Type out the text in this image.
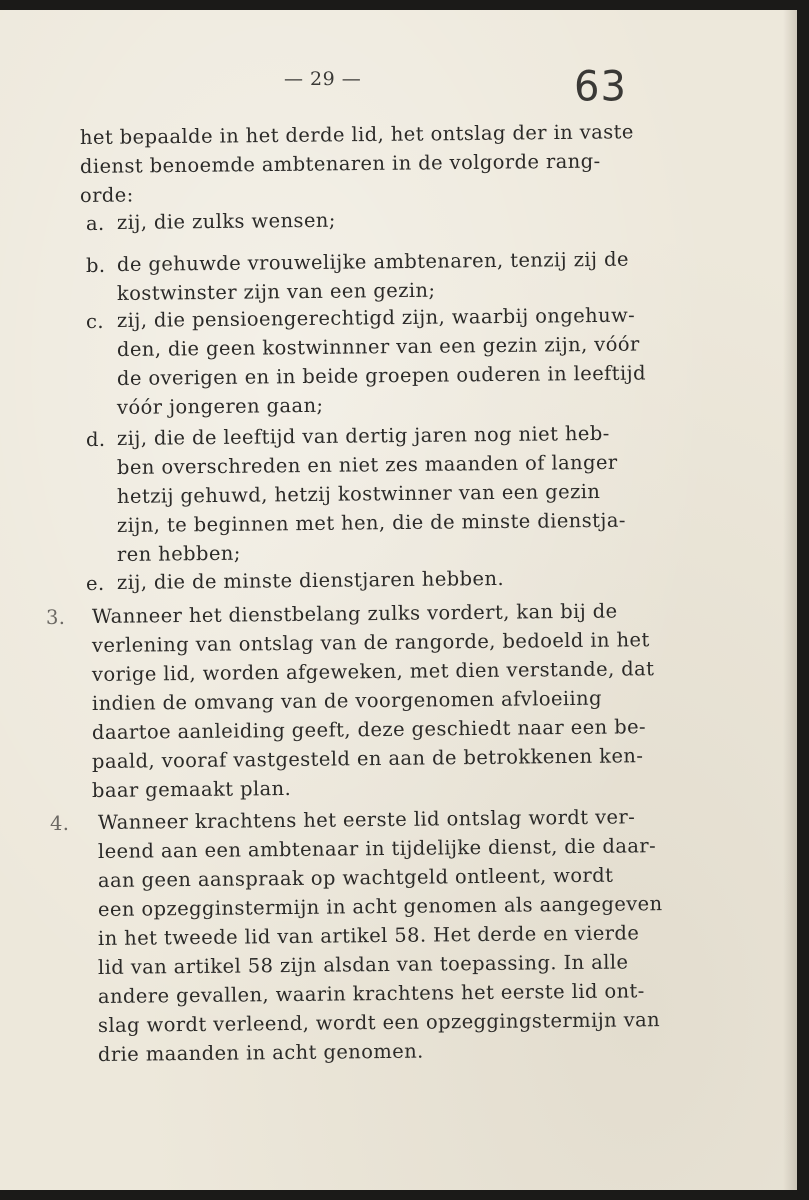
— 29 —	63
het bepaalde in het derde lid, het ontslag der in vaste
dienst benoemde ambtenaren in de volgorde rang-
orde:
a. zij, die zulks wensen;
b. de gehuwde vrouwelijke ambtenaren, tenzij zij de
kostwinster zijn van een gezin;
c. zij, die pensioengerechtigd zijn, waarbij ongehuw-
den, die geen kostwinnner van een gezin zijn, vóór
de overigen en in beide groepen ouderen in leeftijd
vóór jongeren gaan;
d. zij, die de leeftijd van dertig jaren nog niet heb-
ben overschreden en niet zes maanden of langer
hetzij gehuwd, hetzij kostwinner van een gezin
zijn, te beginnen met hen, die de minste dienstja-
ren hebben;
e. zij, die de minste dienstjaren hebben.
3. Wanneer het dienstbelang zulks vordert, kan bij de
verlening van ontslag van de rangorde, bedoeld in het
vorige lid, worden afgeweken, met dien verstande, dat
indien de omvang van de voorgenomen afvloeiing
daartoe aanleiding geeft, deze geschiedt naar een be-
paald, vooraf vastgesteld en aan de betrokkenen ken-
baar gemaakt plan.
4. Wanneer krachtens het eerste lid ontslag wordt ver-
leend aan een ambtenaar in tijdelijke dienst, die daar-
aan geen aanspraak op wachtgeld ontleent, wordt
een opzegginstermijn in acht genomen als aangegeven
in het tweede lid van artikel 58. Het derde en vierde
lid van artikel 58 zijn alsdan van toepassing. In alle
andere gevallen, waarin krachtens het eerste lid ont-
slag wordt verleend, wordt een opzeggingstermijn van
drie maanden in acht genomen.
